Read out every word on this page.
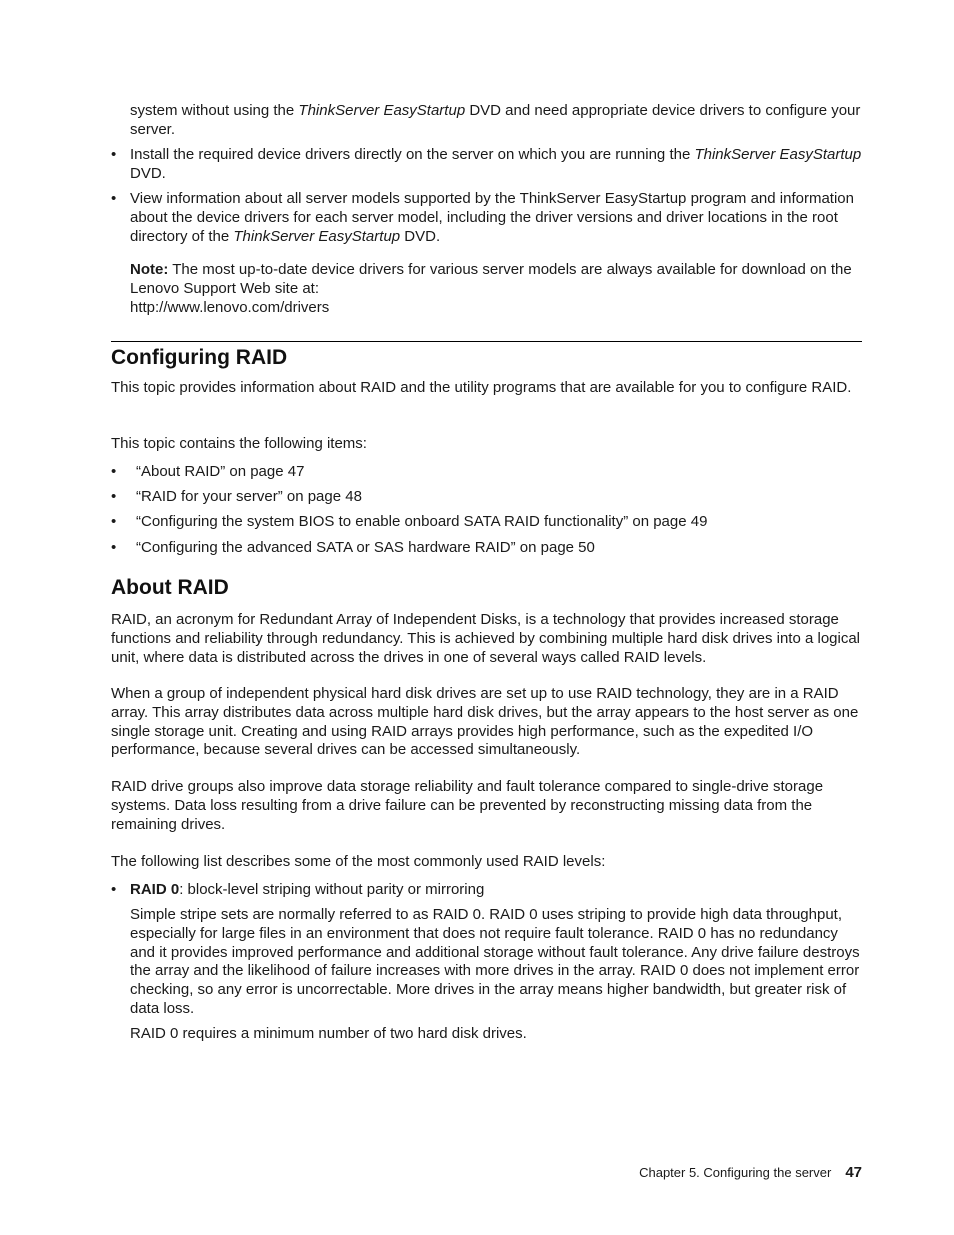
system without using the ThinkServer EasyStartup DVD and need appropriate device drivers to configure your server.

• Install the required device drivers directly on the server on which you are running the ThinkServer EasyStartup DVD.

• View information about all server models supported by the ThinkServer EasyStartup program and information about the device drivers for each server model, including the driver versions and driver locations in the root directory of the ThinkServer EasyStartup DVD.

Note: The most up-to-date device drivers for various server models are always available for download on the Lenovo Support Web site at:

http://www.lenovo.com/drivers

Configuring RAID

This topic provides information about RAID and the utility programs that are available for you to configure RAID.

This topic contains the following items:

•	“About RAID” on page 47

•	“RAID for your server” on page 48

•	“Configuring the system BIOS to enable onboard SATA RAID functionality” on page 49

•	“Configuring the advanced SATA or SAS hardware RAID” on page 50

About RAID

RAID, an acronym for Redundant Array of Independent Disks, is a technology that provides increased storage functions and reliability through redundancy. This is achieved by combining multiple hard disk drives into a logical unit, where data is distributed across the drives in one of several ways called RAID levels.

When a group of independent physical hard disk drives are set up to use RAID technology, they are in a RAID array. This array distributes data across multiple hard disk drives, but the array appears to the host server as one single storage unit. Creating and using RAID arrays provides high performance, such as the expedited I/O performance, because several drives can be accessed simultaneously.

RAID drive groups also improve data storage reliability and fault tolerance compared to single-drive storage systems. Data loss resulting from a drive failure can be prevented by reconstructing missing data from the remaining drives.

The following list describes some of the most commonly used RAID levels:

• RAID 0: block-level striping without parity or mirroring

Simple stripe sets are normally referred to as RAID 0. RAID 0 uses striping to provide high data throughput, especially for large files in an environment that does not require fault tolerance. RAID 0 has no redundancy and it provides improved performance and additional storage without fault tolerance. Any drive failure destroys the array and the likelihood of failure increases with more drives in the array. RAID 0 does not implement error checking, so any error is uncorrectable. More drives in the array means higher bandwidth, but greater risk of data loss.

RAID 0 requires a minimum number of two hard disk drives.

Chapter 5. Configuring the server 47
